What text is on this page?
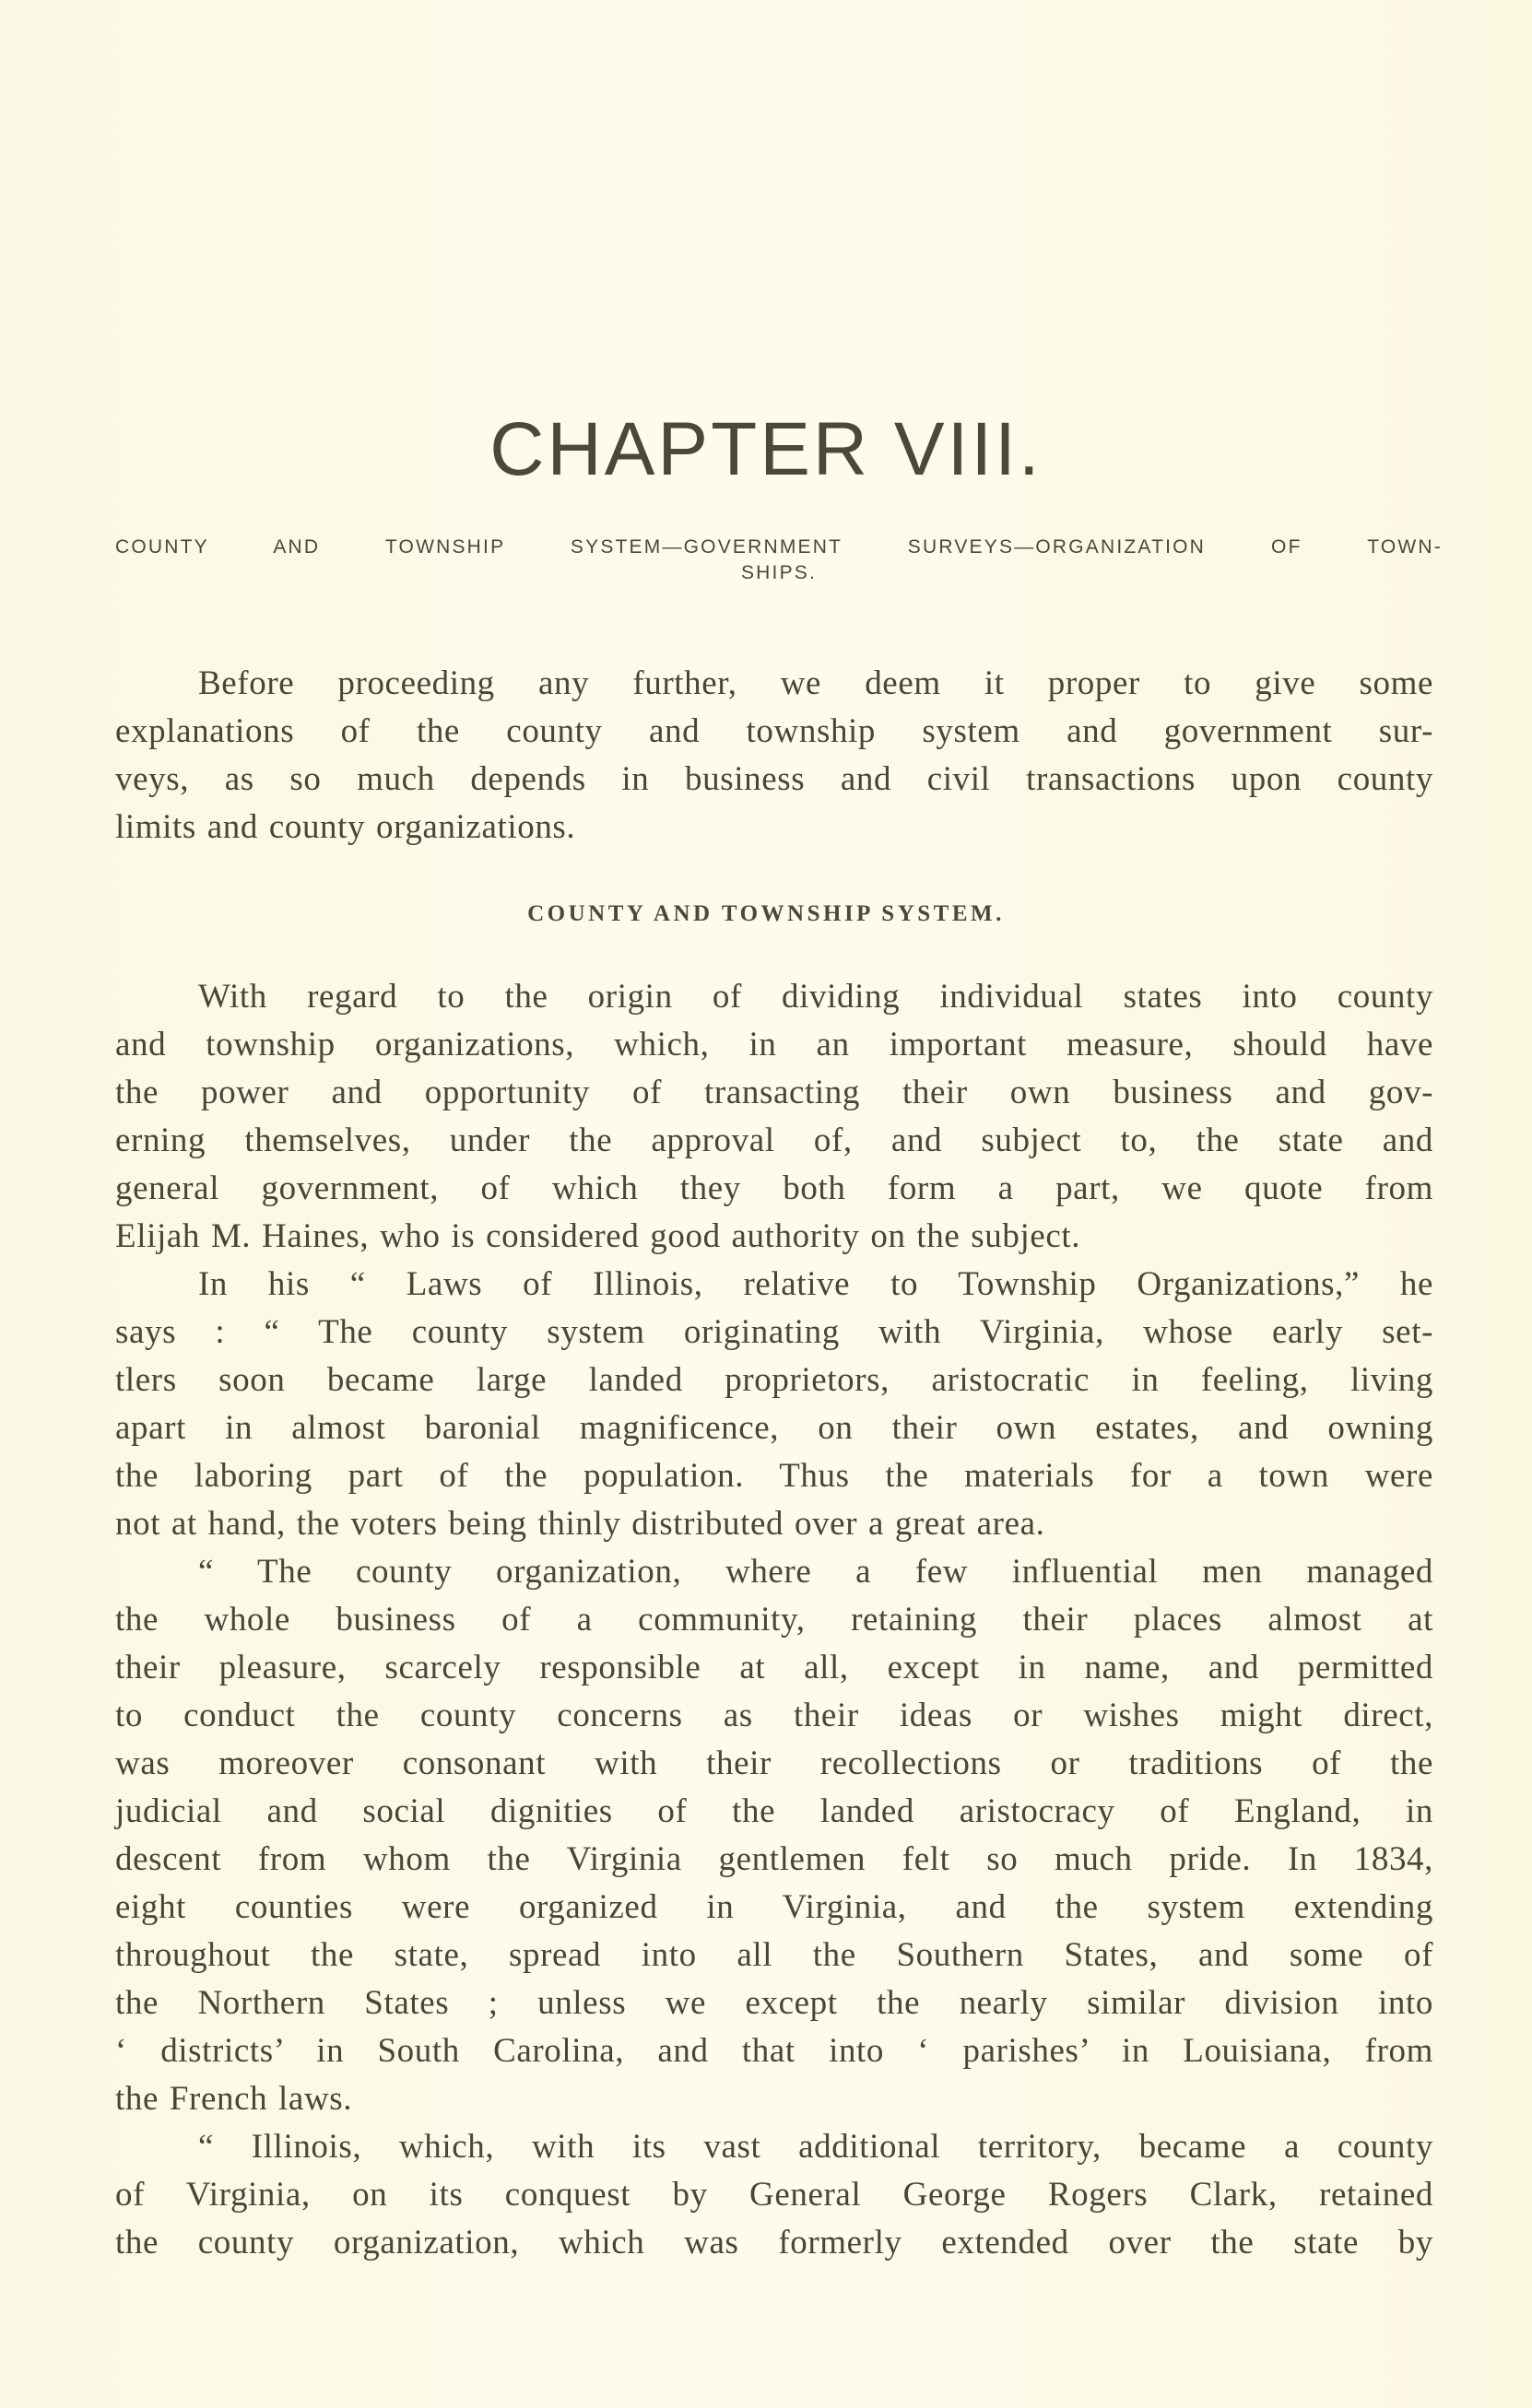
CHAPTER VIII.
COUNTY AND TOWNSHIP SYSTEM—GOVERNMENT SURVEYS—ORGANIZATION OF TOWN-
SHIPS.
Before proceeding any further, we deem it proper to give some
explanations of the county and township system and government sur-
veys, as so much depends in business and civil transactions upon county
limits and county organizations.
COUNTY AND TOWNSHIP SYSTEM.
With regard to the origin of dividing individual states into county
and township organizations, which, in an important measure, should have
the power and opportunity of transacting their own business and gov-
erning themselves, under the approval of, and subject to, the state and
general government, of which they both form a part, we quote from
Elijah M. Haines, who is considered good authority on the subject.
In his “ Laws of Illinois, relative to Township Organizations,” he
says : “ The county system originating with Virginia, whose early set-
tlers soon became large landed proprietors, aristocratic in feeling, living
apart in almost baronial magnificence, on their own estates, and owning
the laboring part of the population. Thus the materials for a town were
not at hand, the voters being thinly distributed over a great area.
“ The county organization, where a few influential men managed
the whole business of a community, retaining their places almost at
their pleasure, scarcely responsible at all, except in name, and permitted
to conduct the county concerns as their ideas or wishes might direct,
was moreover consonant with their recollections or traditions of the
judicial and social dignities of the landed aristocracy of England, in
descent from whom the Virginia gentlemen felt so much pride. In 1834,
eight counties were organized in Virginia, and the system extending
throughout the state, spread into all the Southern States, and some of
the Northern States ; unless we except the nearly similar division into
‘ districts’ in South Carolina, and that into ‘ parishes’ in Louisiana, from
the French laws.
“ Illinois, which, with its vast additional territory, became a county
of Virginia, on its conquest by General George Rogers Clark, retained
the county organization, which was formerly extended over the state by
